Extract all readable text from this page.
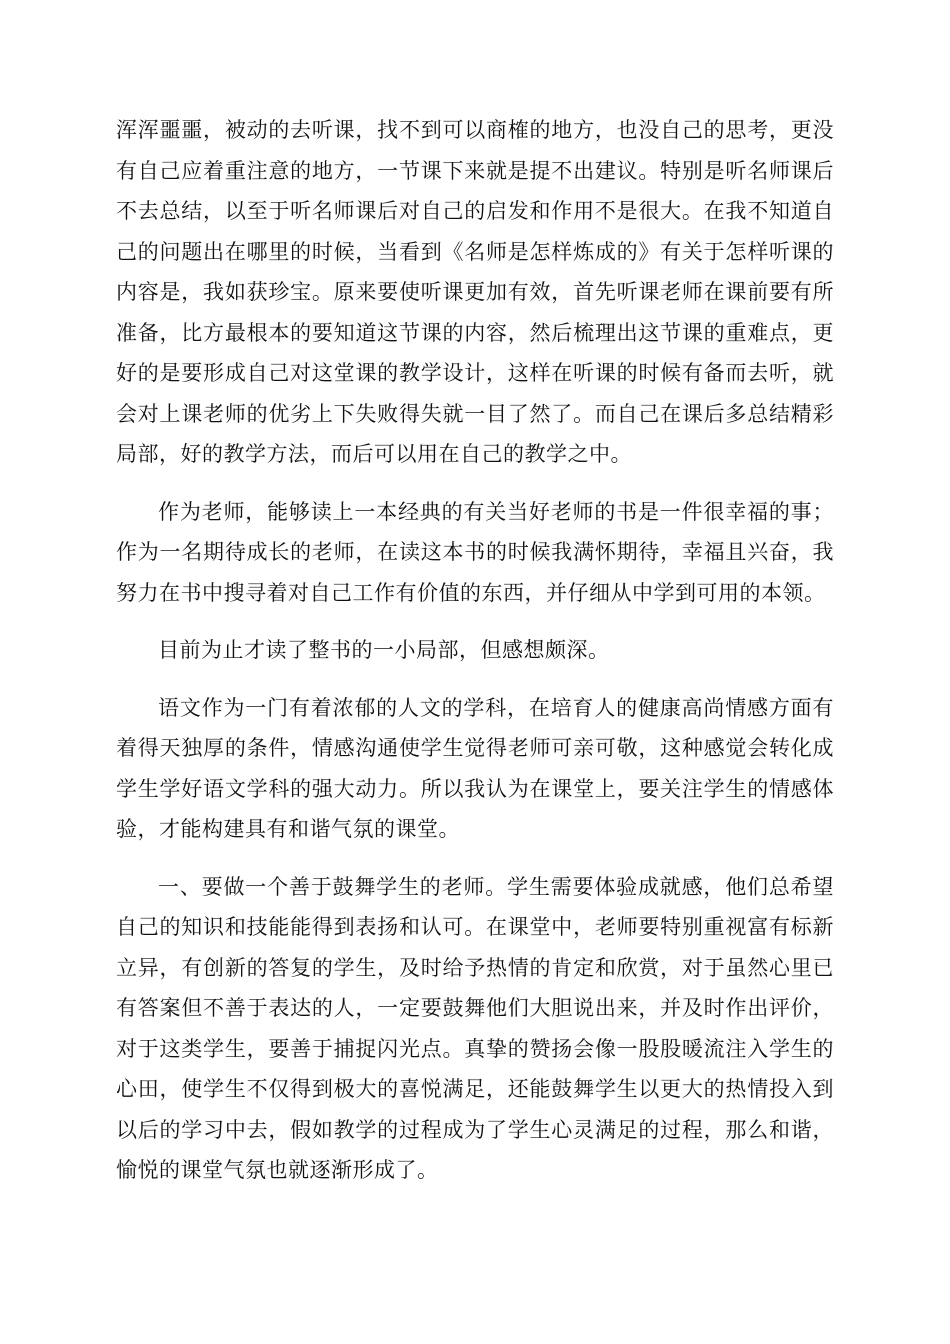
浑浑噩噩，被动的去听课，找不到可以商榷的地方，也没自己的思考，更没有自己应着重注意的地方，一节课下来就是提不出建议。特别是听名师课后不去总结，以至于听名师课后对自己的启发和作用不是很大。在我不知道自己的问题出在哪里的时候，当看到《名师是怎样炼成的》有关于怎样听课的内容是，我如获珍宝。原来要使听课更加有效，首先听课老师在课前要有所准备，比方最根本的要知道这节课的内容，然后梳理出这节课的重难点，更好的是要形成自己对这堂课的教学设计，这样在听课的时候有备而去听，就会对上课老师的优劣上下失败得失就一目了然了。而自己在课后多总结精彩局部，好的教学方法，而后可以用在自己的教学之中。

作为老师，能够读上一本经典的有关当好老师的书是一件很幸福的事；作为一名期待成长的老师，在读这本书的时候我满怀期待，幸福且兴奋，我努力在书中搜寻着对自己工作有价值的东西，并仔细从中学到可用的本领。

目前为止才读了整书的一小局部，但感想颇深。

语文作为一门有着浓郁的人文的学科，在培育人的健康高尚情感方面有着得天独厚的条件，情感沟通使学生觉得老师可亲可敬，这种感觉会转化成学生学好语文学科的强大动力。所以我认为在课堂上，要关注学生的情感体验，才能构建具有和谐气氛的课堂。

一、要做一个善于鼓舞学生的老师。学生需要体验成就感，他们总希望自己的知识和技能能得到表扬和认可。在课堂中，老师要特别重视富有标新立异，有创新的答复的学生，及时给予热情的肯定和欣赏，对于虽然心里已有答案但不善于表达的人，一定要鼓舞他们大胆说出来，并及时作出评价，对于这类学生，要善于捕捉闪光点。真挚的赞扬会像一股股暖流注入学生的心田，使学生不仅得到极大的喜悦满足，还能鼓舞学生以更大的热情投入到以后的学习中去，假如教学的过程成为了学生心灵满足的过程，那么和谐，愉悦的课堂气氛也就逐渐形成了。
